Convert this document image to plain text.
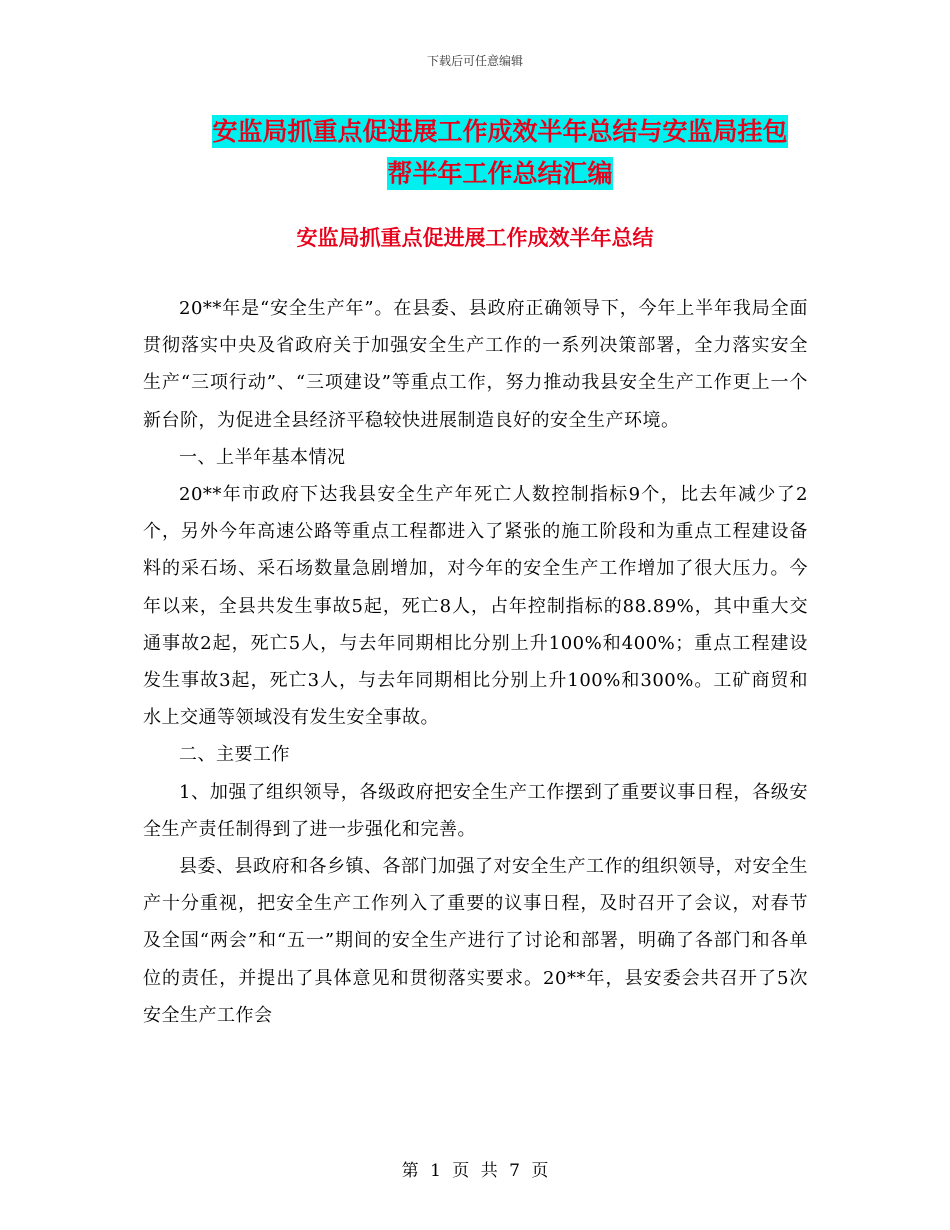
下载后可任意编辑
安监局抓重点促进展工作成效半年总结与安监局挂包
帮半年工作总结汇编
安监局抓重点促进展工作成效半年总结

20**年是“安全生产年”。在县委、县政府正确领导下，今年上半年我局全面贯彻落实中央及省政府关于加强安全生产工作的一系列决策部署，全力落实安全生产“三项行动”、“三项建设”等重点工作，努力推动我县安全生产工作更上一个新台阶，为促进全县经济平稳较快进展制造良好的安全生产环境。

一、上半年基本情况

20**年市政府下达我县安全生产年死亡人数控制指标9个，比去年减少了2个，另外今年高速公路等重点工程都进入了紧张的施工阶段和为重点工程建设备料的采石场、采石场数量急剧增加，对今年的安全生产工作增加了很大压力。今年以来，全县共发生事故5起，死亡8人，占年控制指标的88.89%，其中重大交通事故2起，死亡5人，与去年同期相比分别上升100%和400%；重点工程建设发生事故3起，死亡3人，与去年同期相比分别上升100%和300%。工矿商贸和水上交通等领域没有发生安全事故。

二、主要工作

1、加强了组织领导，各级政府把安全生产工作摆到了重要议事日程，各级安全生产责任制得到了进一步强化和完善。

县委、县政府和各乡镇、各部门加强了对安全生产工作的组织领导，对安全生产十分重视，把安全生产工作列入了重要的议事日程，及时召开了会议，对春节及全国“两会”和“五一”期间的安全生产进行了讨论和部署，明确了各部门和各单位的责任，并提出了具体意见和贯彻落实要求。20**年，县安委会共召开了5次安全生产工作会

第 1 页 共 7 页
